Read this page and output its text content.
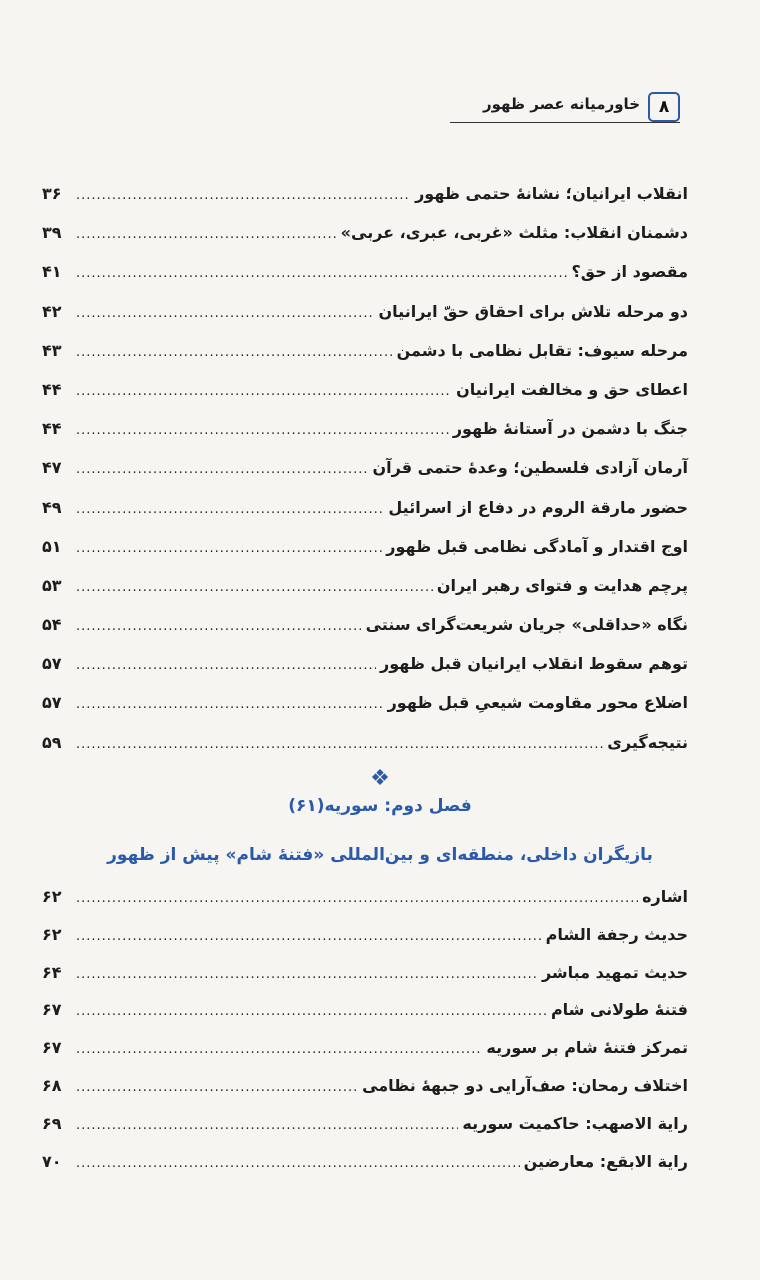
۸
خاورمیانه عصر ظهور
انقلاب ایرانیان؛ نشانهٔ حتمی ظهور
.....
۳۶
دشمنان انقلاب: مثلث «غربی، عبری، عربی»
.....
۳۹
مقصود از حق؟
.....
۴۱
دو مرحله تلاش برای احقاق حقّ ایرانیان
.....
۴۲
مرحله سیوف: تقابل نظامی با دشمن
.....
۴۳
اعطای حق و مخالفت ایرانیان
.....
۴۴
جنگ با دشمن در آستانهٔ ظهور
.....
۴۴
آرمان آزادی فلسطین؛ وعدهٔ حتمی قرآن
.....
۴۷
حضور مارقة الروم در دفاع از اسرائیل
.....
۴۹
اوج اقتدار و آمادگی نظامی قبل ظهور
.....
۵۱
پرچم هدایت و فتوای رهبر ایران
.....
۵۳
نگاه «حداقلی» جریان شریعت‌گرای سنتی
.....
۵۴
توهم سقوط انقلاب ایرانیان قبل ظهور
.....
۵۷
اضلاع محور مقاومت شیعیِ قبل ظهور
.....
۵۷
نتیجه‌گیری
.....
۵۹
❖
فصل دوم: سوریه(۶۱)
بازیگران داخلی، منطقه‌ای و بین‌المللی «فتنهٔ شام» پیش از ظهور
اشاره
.....
۶۲
حدیث رجفة الشام
.....
۶۲
حدیث تمهید مباشر
.....
۶۴
فتنهٔ طولانی شام
.....
۶۷
تمرکز فتنهٔ شام بر سوریه
.....
۶۷
اختلاف رمحان: صف‌آرایی دو جبههٔ نظامی
.....
۶۸
رایة الاصهب: حاکمیت سوریه
.....
۶۹
رایة الابقع: معارضین
.....
۷۰
